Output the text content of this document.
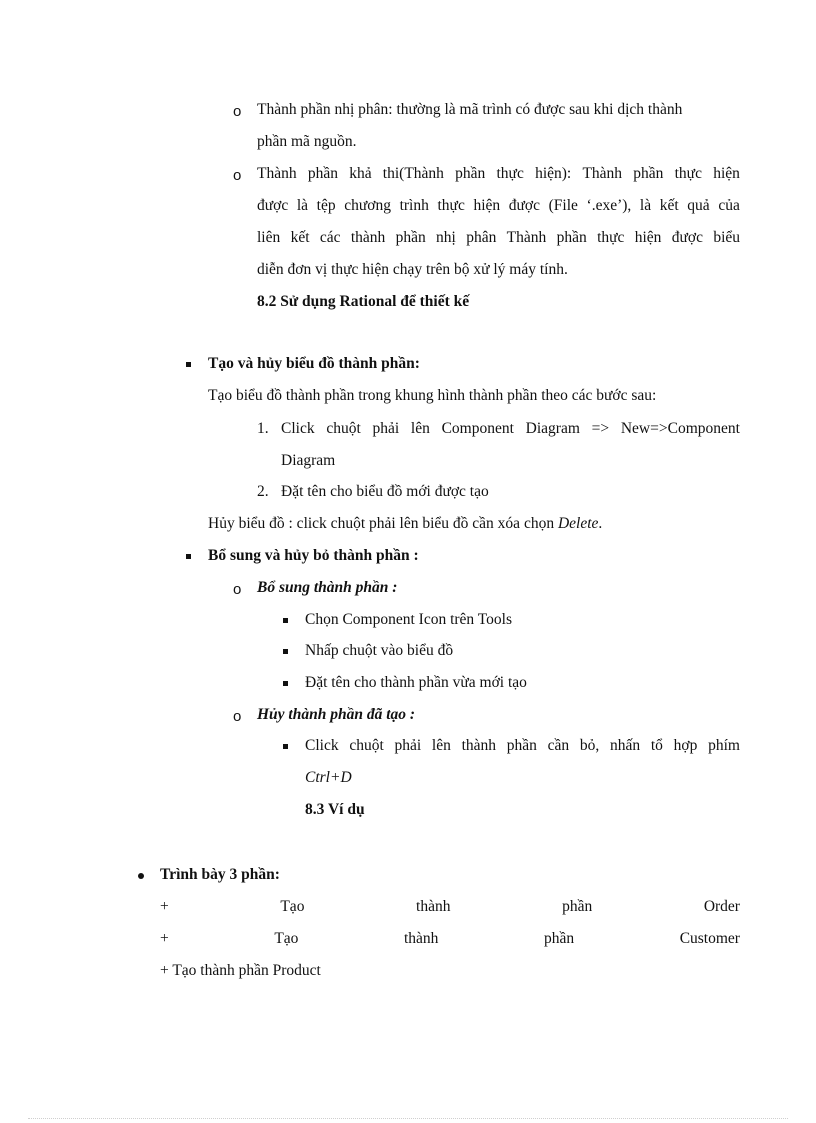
o Thành phần nhị phân: thường là mã trình có được sau khi dịch thành
phần mã nguồn.
o Thành phần khả thi(Thành phần thực hiện): Thành phần thực hiện
được là tệp chương trình thực hiện được (File ‘.exe’), là kết quả của
liên kết các thành phần nhị phân Thành phần thực hiện được biểu
diễn đơn vị thực hiện chạy trên bộ xử lý máy tính.
8.2 Sử dụng Rational để thiết kế
Tạo và hủy biểu đồ thành phần:
Tạo biểu đồ thành phần trong khung hình thành phần theo các bước sau:
1. Click chuột phải lên Component Diagram => New=>Component
Diagram
2. Đặt tên cho biểu đồ mới được tạo
Hủy biểu đồ : click chuột phải lên biểu đồ cần xóa chọn Delete.
Bổ sung và hủy bỏ thành phần :
o Bổ sung thành phần :
Chọn Component Icon trên Tools
Nhấp chuột vào biểu đồ
Đặt tên cho thành phần vừa mới tạo
o Hủy thành phần đã tạo :
Click chuột phải lên thành phần cần bỏ, nhấn tổ hợp phím
Ctrl+D
8.3 Ví dụ
Trình bày 3 phần:
+	Tạo	thành	phần	Order
+	Tạo	thành	phần	Customer
+ Tạo thành phần Product
